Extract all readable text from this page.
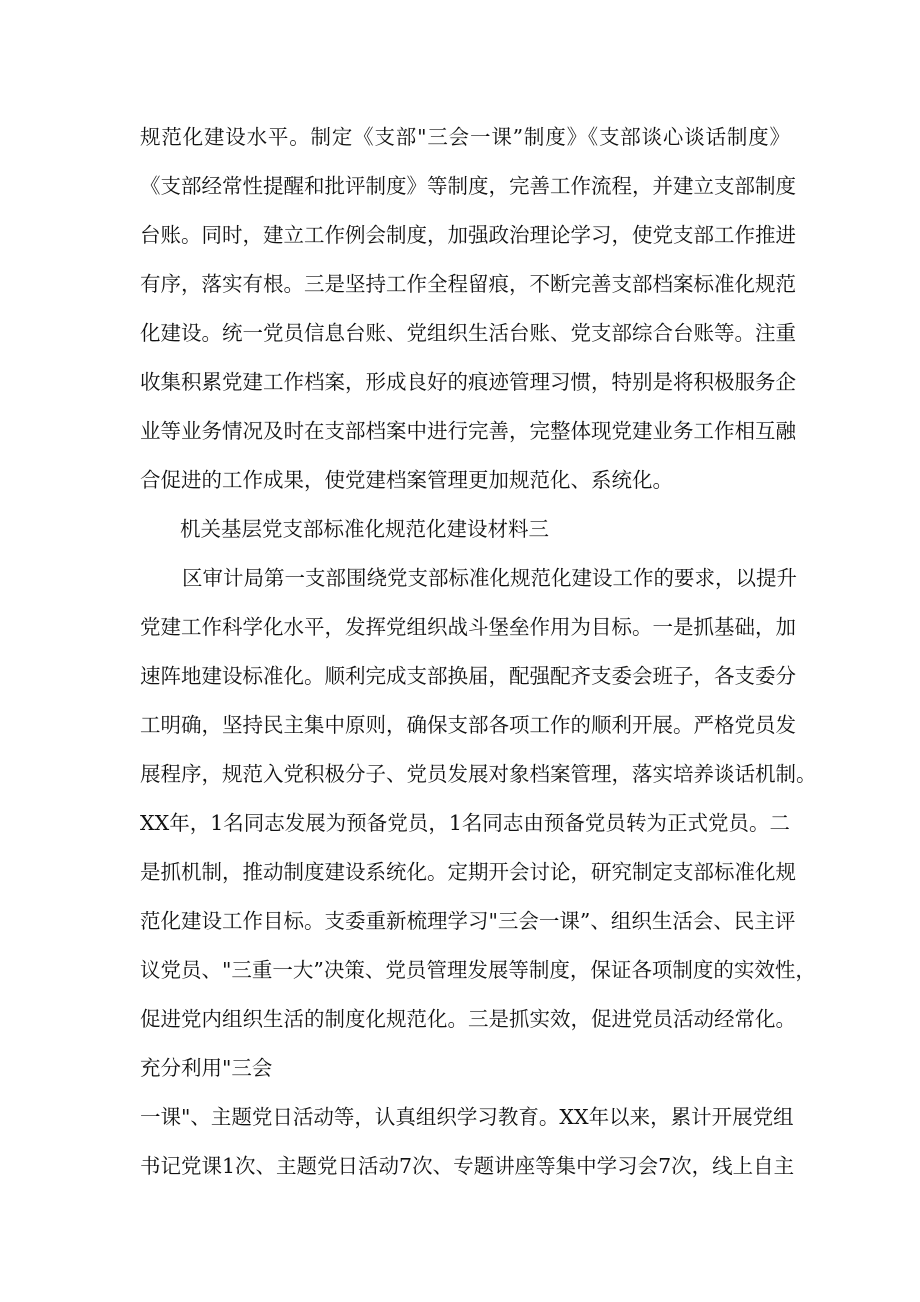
规范化建设水平。制定《支部"三会一课”制度》《支部谈心谈话制度》
《支部经常性提醒和批评制度》等制度，完善工作流程，并建立支部制度
台账。同时，建立工作例会制度，加强政治理论学习，使党支部工作推进
有序，落实有根。三是坚持工作全程留痕，不断完善支部档案标准化规范
化建设。统一党员信息台账、党组织生活台账、党支部综合台账等。注重
收集积累党建工作档案，形成良好的痕迹管理习惯，特别是将积极服务企
业等业务情况及时在支部档案中进行完善，完整体现党建业务工作相互融
合促进的工作成果，使党建档案管理更加规范化、系统化。
机关基层党支部标准化规范化建设材料三
区审计局第一支部围绕党支部标准化规范化建设工作的要求，以提升
党建工作科学化水平，发挥党组织战斗堡垒作用为目标。一是抓基础，加
速阵地建设标准化。顺利完成支部换届，配强配齐支委会班子，各支委分
工明确，坚持民主集中原则，确保支部各项工作的顺利开展。严格党员发
展程序，规范入党积极分子、党员发展对象档案管理，落实培养谈话机制。
XX年，1名同志发展为预备党员，1名同志由预备党员转为正式党员。二
是抓机制，推动制度建设系统化。定期开会讨论，研究制定支部标准化规
范化建设工作目标。支委重新梳理学习"三会一课”、组织生活会、民主评
议党员、"三重一大”决策、党员管理发展等制度，保证各项制度的实效性，
促进党内组织生活的制度化规范化。三是抓实效，促进党员活动经常化。
充分利用"三会
一课"、主题党日活动等，认真组织学习教育。XX年以来，累计开展党组
书记党课1次、主题党日活动7次、专题讲座等集中学习会7次，线上自主
